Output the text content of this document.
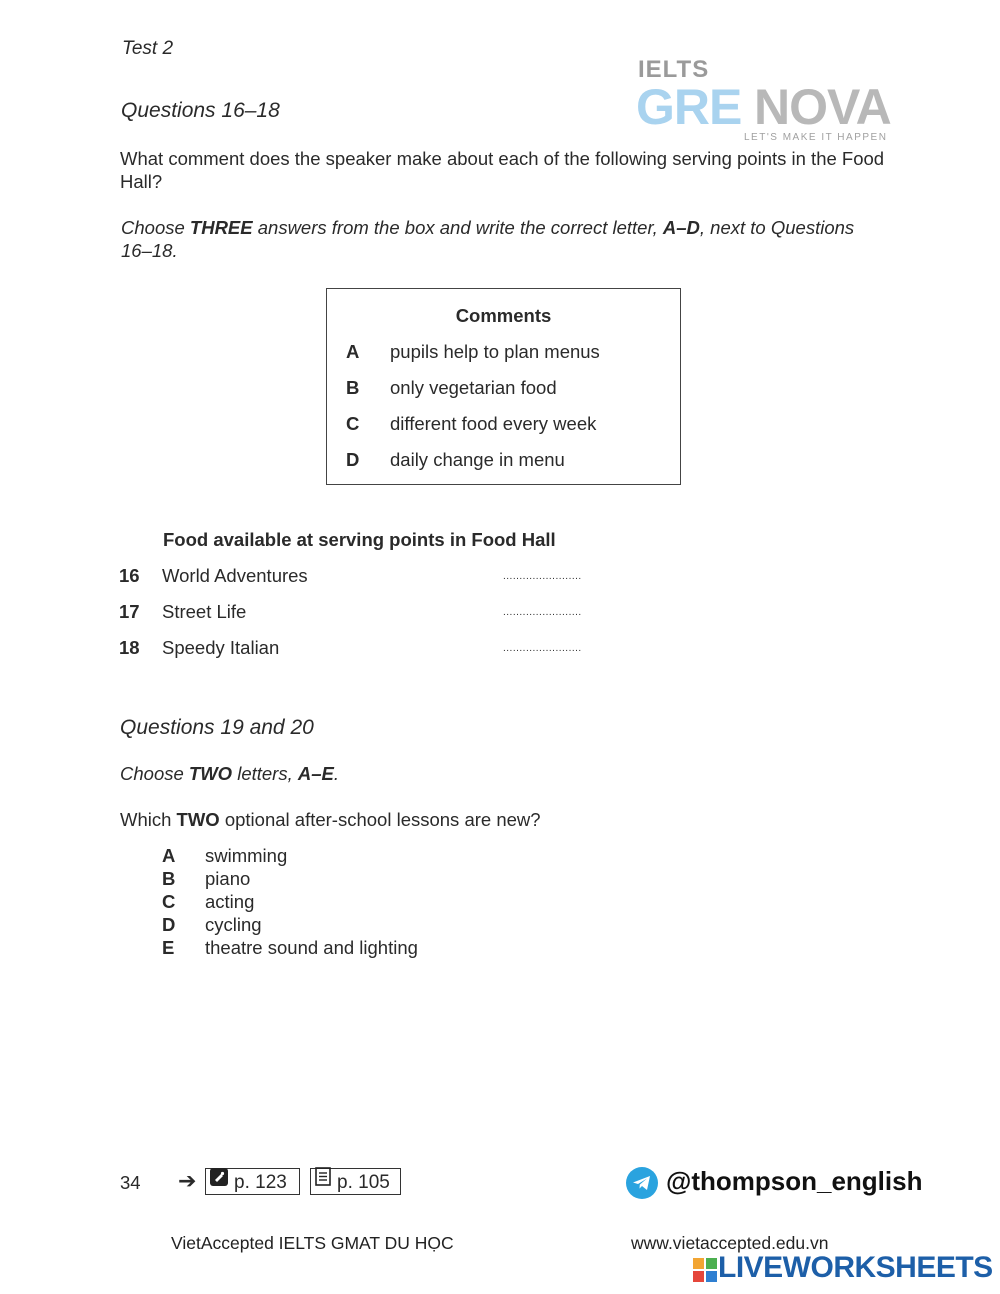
Test 2
IELTS
GRE NOVA
LET'S MAKE IT HAPPEN
Questions 16–18
What comment does the speaker make about each of the following serving points in the Food Hall?
Choose THREE answers from the box and write the correct letter, A–D, next to Questions 16–18.
Comments
A pupils help to plan menus
B only vegetarian food
C different food every week
D daily change in menu
Food available at serving points in Food Hall
16 World Adventures	........................
17 Street Life	........................
18 Speedy Italian	........................
Questions 19 and 20
Choose TWO letters, A–E.
Which TWO optional after-school lessons are new?
A swimming
B piano
C acting
D cycling
E theatre sound and lighting
34 ➔	p. 123	p. 105	@thompson_english
VietAccepted IELTS GMAT DU HỌC	www.vietaccepted.edu.vn
LIVEWORKSHEETS
